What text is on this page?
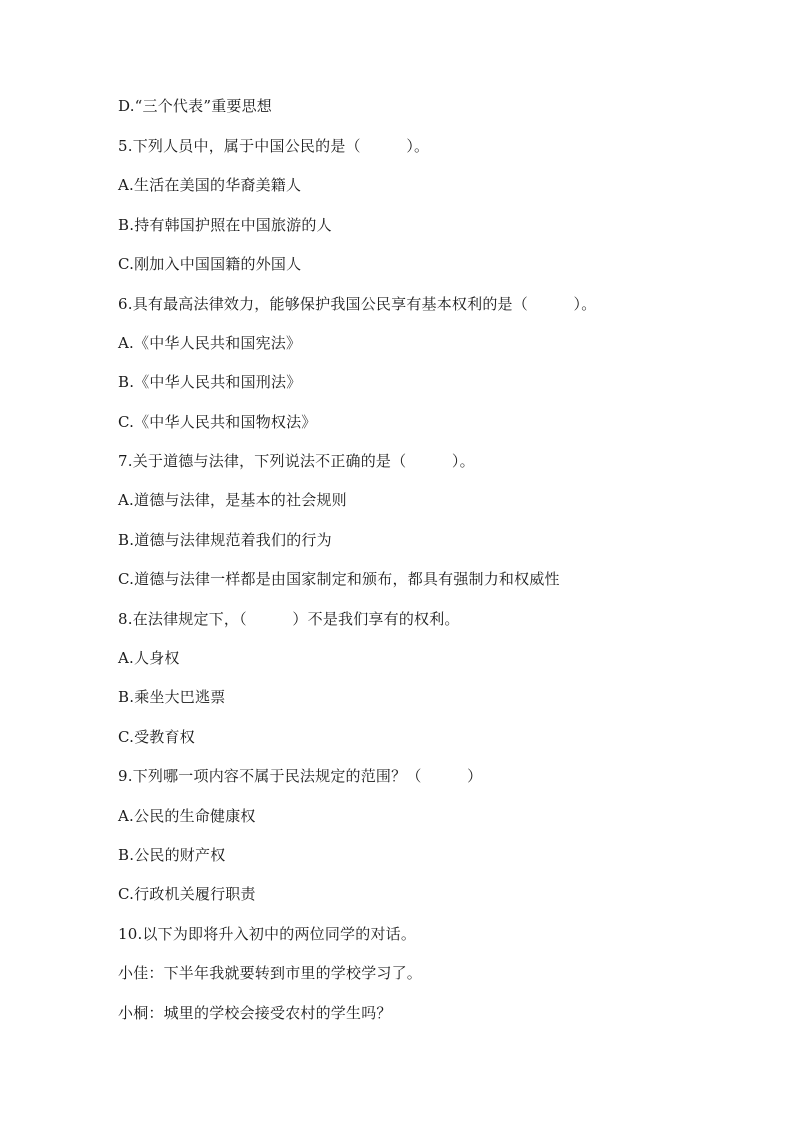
D.“三个代表”重要思想
5.下列人员中，属于中国公民的是（　　　）。
A.生活在美国的华裔美籍人
B.持有韩国护照在中国旅游的人
C.刚加入中国国籍的外国人
6.具有最高法律效力，能够保护我国公民享有基本权利的是（　　　）。
A.《中华人民共和国宪法》
B.《中华人民共和国刑法》
C.《中华人民共和国物权法》
7.关于道德与法律，下列说法不正确的是（　　　）。
A.道德与法律，是基本的社会规则
B.道德与法律规范着我们的行为
C.道德与法律一样都是由国家制定和颁布，都具有强制力和权威性
8.在法律规定下，（　　　）不是我们享有的权利。
A.人身权
B.乘坐大巴逃票
C.受教育权
9.下列哪一项内容不属于民法规定的范围？（　　　）
A.公民的生命健康权
B.公民的财产权
C.行政机关履行职责
10.以下为即将升入初中的两位同学的对话。
小佳：下半年我就要转到市里的学校学习了。
小桐：城里的学校会接受农村的学生吗？
